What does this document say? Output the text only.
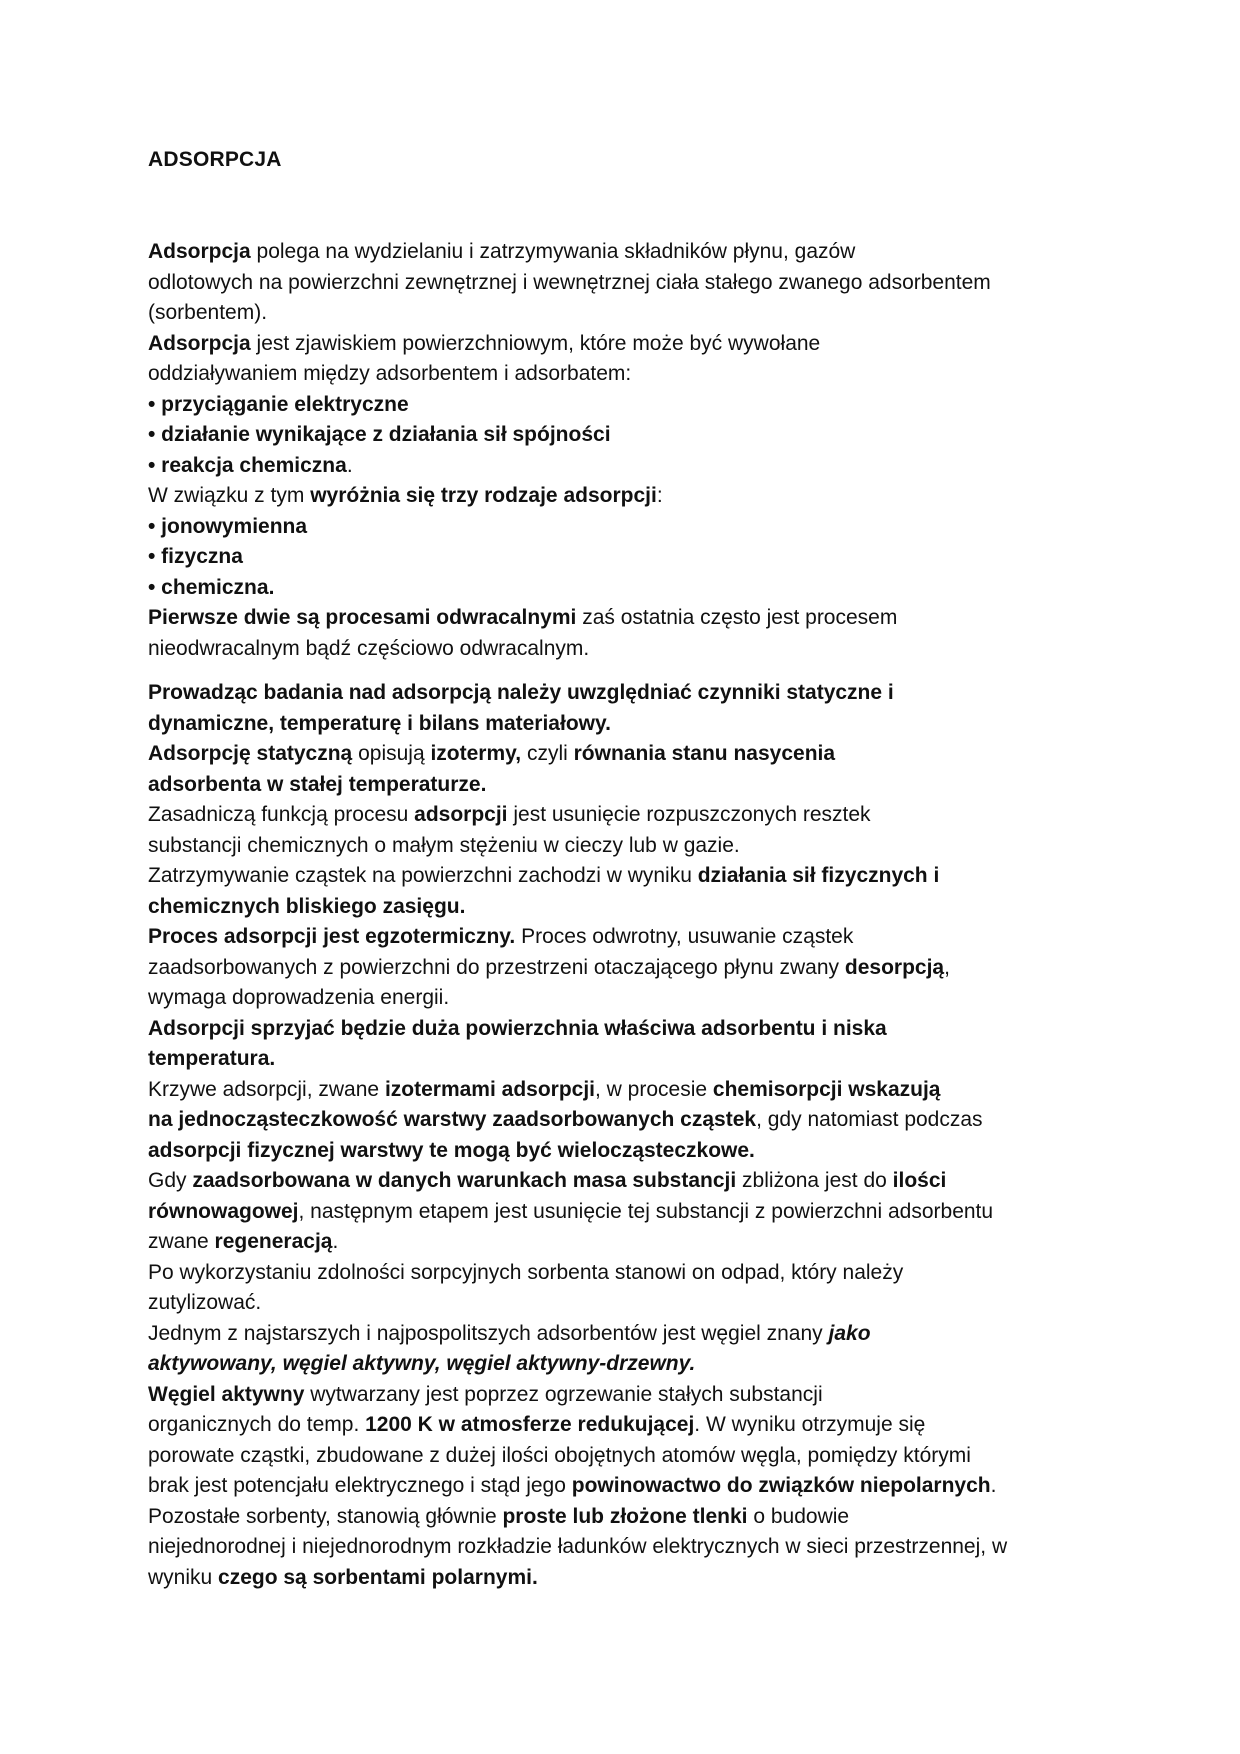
ADSORPCJA
Adsorpcja polega na wydzielaniu i zatrzymywania składników płynu, gazów
odlotowych na powierzchni zewnętrznej i wewnętrznej ciała stałego zwanego adsorbentem
(sorbentem).
Adsorpcja jest zjawiskiem powierzchniowym, które może być wywołane
oddziaływaniem między adsorbentem i adsorbatem:
• przyciąganie elektryczne
• działanie wynikające z działania sił spójności
• reakcja chemiczna.
W związku z tym wyróżnia się trzy rodzaje adsorpcji:
• jonowymienna
• fizyczna
• chemiczna.
Pierwsze dwie są procesami odwracalnymi zaś ostatnia często jest procesem
nieodwracalnym bądź częściowo odwracalnym.
Prowadząc badania nad adsorpcją należy uwzględniać czynniki statyczne i
dynamiczne, temperaturę i bilans materiałowy.
Adsorpcję statyczną opisują izotermy, czyli równania stanu nasycenia
adsorbenta w stałej temperaturze.
Zasadniczą funkcją procesu adsorpcji jest usunięcie rozpuszczonych resztek
substancji chemicznych o małym stężeniu w cieczy lub w gazie.
Zatrzymywanie cząstek na powierzchni zachodzi w wyniku działania sił fizycznych i
chemicznych bliskiego zasięgu.
Proces adsorpcji jest egzotermiczny. Proces odwrotny, usuwanie cząstek
zaadsorbowanych z powierzchni do przestrzeni otaczającego płynu zwany desorpcją,
wymaga doprowadzenia energii.
Adsorpcji sprzyjać będzie duża powierzchnia właściwa adsorbentu i niska
temperatura.
Krzywe adsorpcji, zwane izotermami adsorpcji, w procesie chemisorpcji wskazują
na jednocząsteczkowość warstwy zaadsorbowanych cząstek, gdy natomiast podczas
adsorpcji fizycznej warstwy te mogą być wielocząsteczkowe.
Gdy zaadsorbowana w danych warunkach masa substancji zbliżona jest do ilości
równowagowej, następnym etapem jest usunięcie tej substancji z powierzchni adsorbentu
zwane regeneracją.
Po wykorzystaniu zdolności sorpcyjnych sorbenta stanowi on odpad, który należy
zutylizować.
Jednym z najstarszych i najpospolitszych adsorbentów jest węgiel znany jako
aktywowany, węgiel aktywny, węgiel aktywny-drzewny.
Węgiel aktywny wytwarzany jest poprzez ogrzewanie stałych substancji
organicznych do temp. 1200 K w atmosferze redukującej. W wyniku otrzymuje się
porowate cząstki, zbudowane z dużej ilości obojętnych atomów węgla, pomiędzy którymi
brak jest potencjału elektrycznego i stąd jego powinowactwo do związków niepolarnych.
Pozostałe sorbenty, stanowią głównie proste lub złożone tlenki o budowie
niejednorodnej i niejednorodnym rozkładzie ładunków elektrycznych w sieci przestrzennej, w
wyniku czego są sorbentami polarnymi.
